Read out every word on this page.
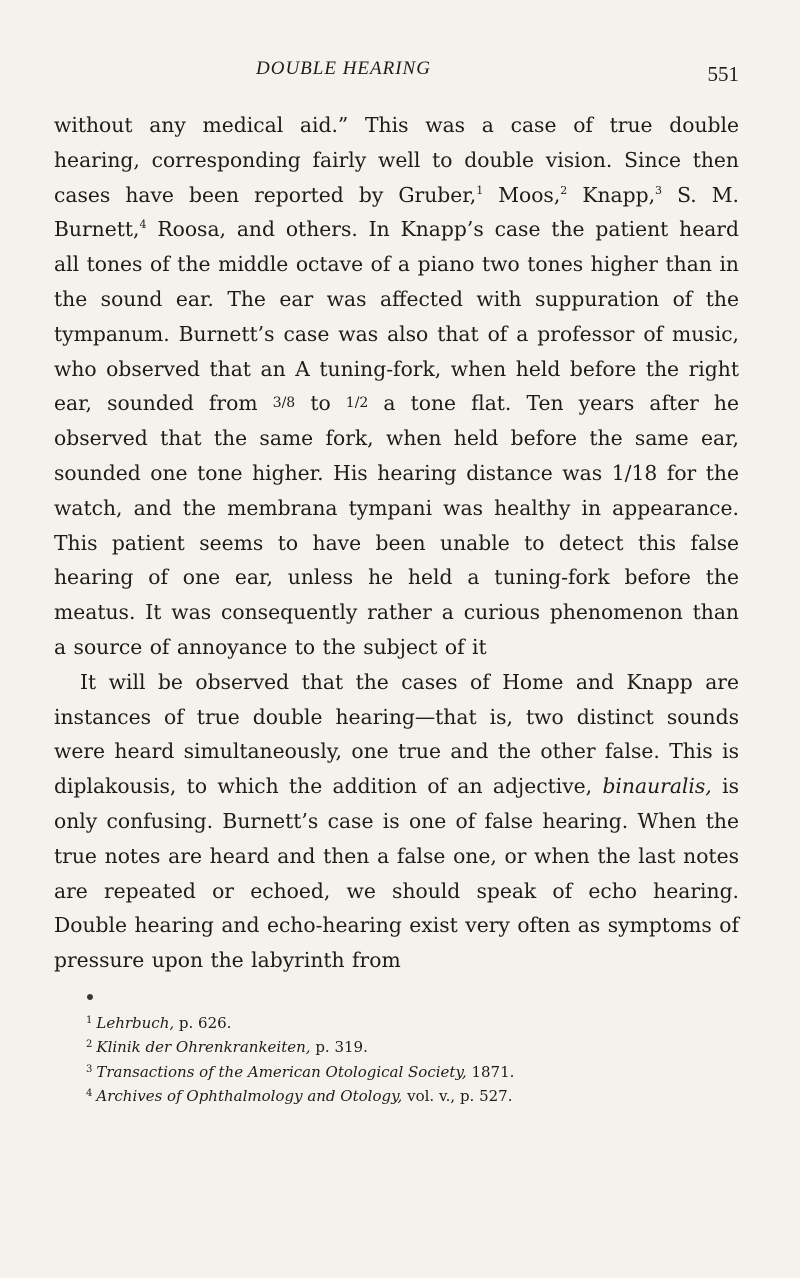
DOUBLE HEARING	551

without any medical aid.” This was a case of true double hearing, corresponding fairly well to double vision. Since then cases have been reported by Gruber,$^1$ Moos,$^2$ Knapp,$^3$ S. M. Burnett,$^4$ Roosa, and others. In Knapp’s case the patient heard all tones of the middle octave of a piano two tones higher than in the sound ear. The ear was affected with suppuration of the tympanum. Burnett’s case was also that of a professor of music, who observed that an A tuning-fork, when held before the right ear, sounded from 3/8 to 1/2 a tone flat. Ten years after he observed that the same fork, when held before the same ear, sounded one tone higher. His hearing distance was 1/18 for the watch, and the membrana tympani was healthy in appearance. This patient seems to have been unable to detect this false hearing of one ear, unless he held a tuning-fork before the meatus. It was consequently rather a curious phenomenon than a source of annoyance to the subject of it

It will be observed that the cases of Home and Knapp are instances of true double hearing—that is, two distinct sounds were heard simultaneously, one true and the other false. This is diplakousis, to which the addition of an adjective, binauralis, is only confusing. Burnett’s case is one of false hearing. When the true notes are heard and then a false one, or when the last notes are repeated or echoed, we should speak of echo hearing. Double hearing and echo-hearing exist very often as symptoms of pressure upon the labyrinth from

$^1$ Lehrbuch, p. 626.
$^2$ Klinik der Ohrenkrankeiten, p. 319.
$^3$ Transactions of the American Otological Society, 1871.
$^4$ Archives of Ophthalmology and Otology, vol. v., p. 527.
